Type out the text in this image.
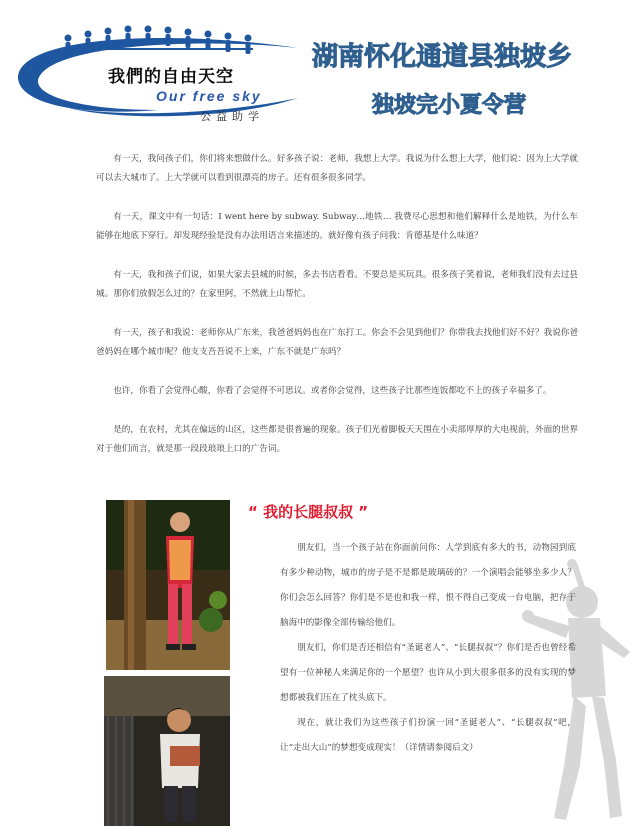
我們的自由天空
Our free sky
公益助学
湖南怀化通道县独坡乡
独坡完小夏令营

有一天，我问孩子们，你们将来想做什么。好多孩子说：老师，我想上大学。我说为什么想上大学，他们说：因为上大学就可以去大城市了。上大学就可以看到很漂亮的房子。还有很多很多同学。

有一天，课文中有一句话：I went here by subway. Subway…地铁… 我费尽心思想和他们解释什么是地铁，为什么车能够在地底下穿行。却发现经验是没有办法用语言来描述的。就好像有孩子问我：肯德基是什么味道？

有一天，我和孩子们说，如果大家去县城的时候，多去书店看看。不要总是买玩具。很多孩子笑着说，老师我们没有去过县城。那你们放假怎么过的？在家里阿，不然就上山帮忙。

有一天，孩子和我说：老师你从广东来，我爸爸妈妈也在广东打工。你会不会见到他们？你带我去找他们好不好？我说你爸爸妈妈在哪个城市呢？他支支吾吾说不上来，广东不就是广东吗？

也许，你看了会觉得心酸，你看了会觉得不可思议。或者你会觉得，这些孩子比那些连饭都吃不上的孩子幸福多了。

是的，在农村，尤其在偏远的山区，这些都是很普遍的现象。孩子们光着脚板天天围在小卖部厚厚的大电视前，外面的世界对于他们而言，就是那一段段琅琅上口的广告词。

“ 我的长腿叔叔 ”

朋友们，当一个孩子站在你面前问你：人学到底有多大的书，动物园到底有多少种动物，城市的房子是不是都是玻璃砖的？一个演唱会能够坐多少人？你们会怎么回答？你们是不是也和我一样，恨不得自己变成一台电脑，把存于脑海中的影像全部传输给他们。

朋友们，你们是否还相信有“圣诞老人”、“长腿叔叔”？你们是否也曾经希望有一位神秘人来满足你的一个愿望？也许从小到大很多很多的没有实现的梦想都被我们压在了枕头底下。

现在，就让我们为这些孩子们扮演一回“圣诞老人”、“长腿叔叔”吧，让“走出大山”的梦想变成现实！（详情请参阅后文）
